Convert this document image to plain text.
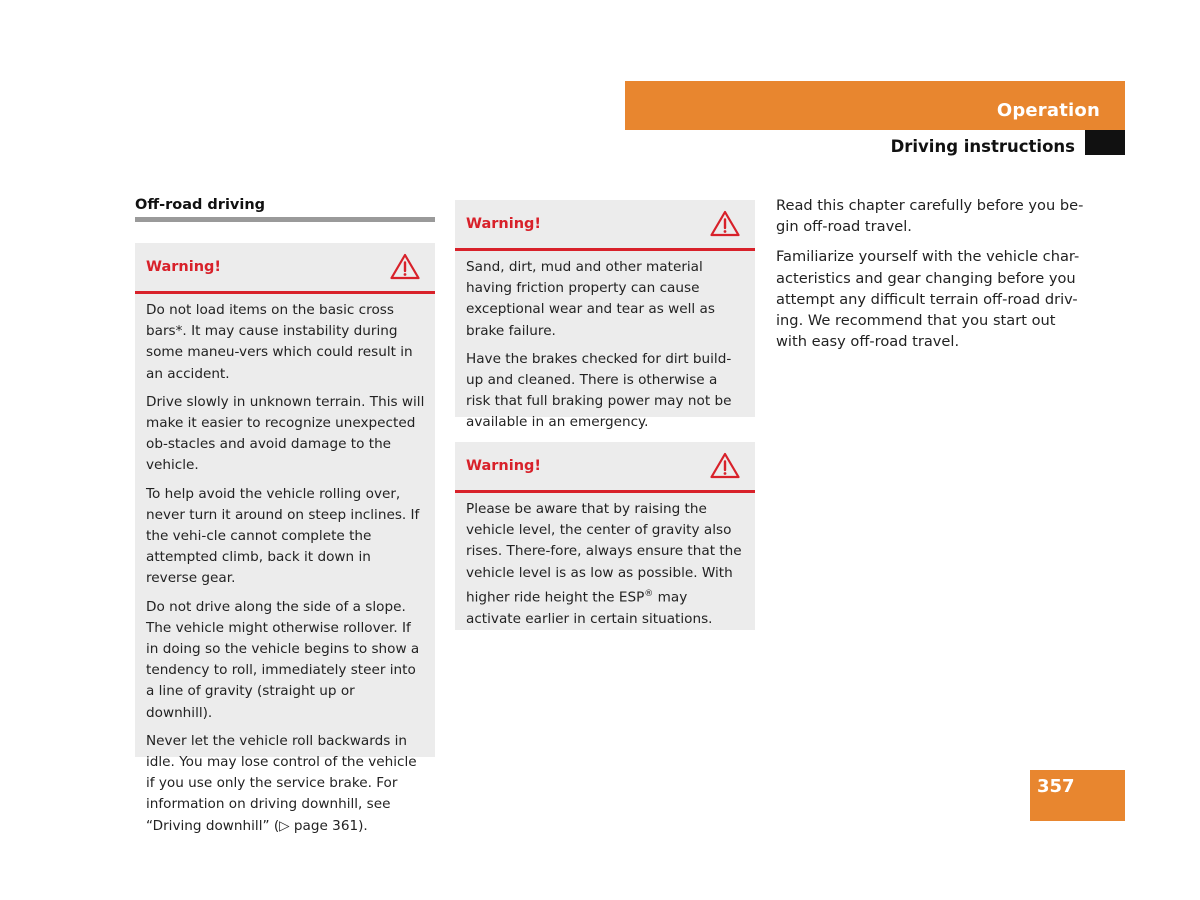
Operation
Driving instructions
Off-road driving
Warning!

Do not load items on the basic cross bars*. It may cause instability during some maneu-vers which could result in an accident.

Drive slowly in unknown terrain. This will make it easier to recognize unexpected ob-stacles and avoid damage to the vehicle.

To help avoid the vehicle rolling over, never turn it around on steep inclines. If the vehi-cle cannot complete the attempted climb, back it down in reverse gear.

Do not drive along the side of a slope. The vehicle might otherwise rollover. If in doing so the vehicle begins to show a tendency to roll, immediately steer into a line of gravity (straight up or downhill).

Never let the vehicle roll backwards in idle. You may lose control of the vehicle if you use only the service brake. For information on driving downhill, see “Driving downhill” (▷ page 361).

Warning!

Sand, dirt, mud and other material having friction property can cause exceptional wear and tear as well as brake failure.

Have the brakes checked for dirt build-up and cleaned. There is otherwise a risk that full braking power may not be available in an emergency.

Warning!

Please be aware that by raising the vehicle level, the center of gravity also rises. There-fore, always ensure that the vehicle level is as low as possible. With higher ride height the ESP® may activate earlier in certain situations.

Read this chapter carefully before you be-gin off-road travel.

Familiarize yourself with the vehicle char-acteristics and gear changing before you attempt any difficult terrain off-road driv-ing. We recommend that you start out with easy off-road travel.

357
